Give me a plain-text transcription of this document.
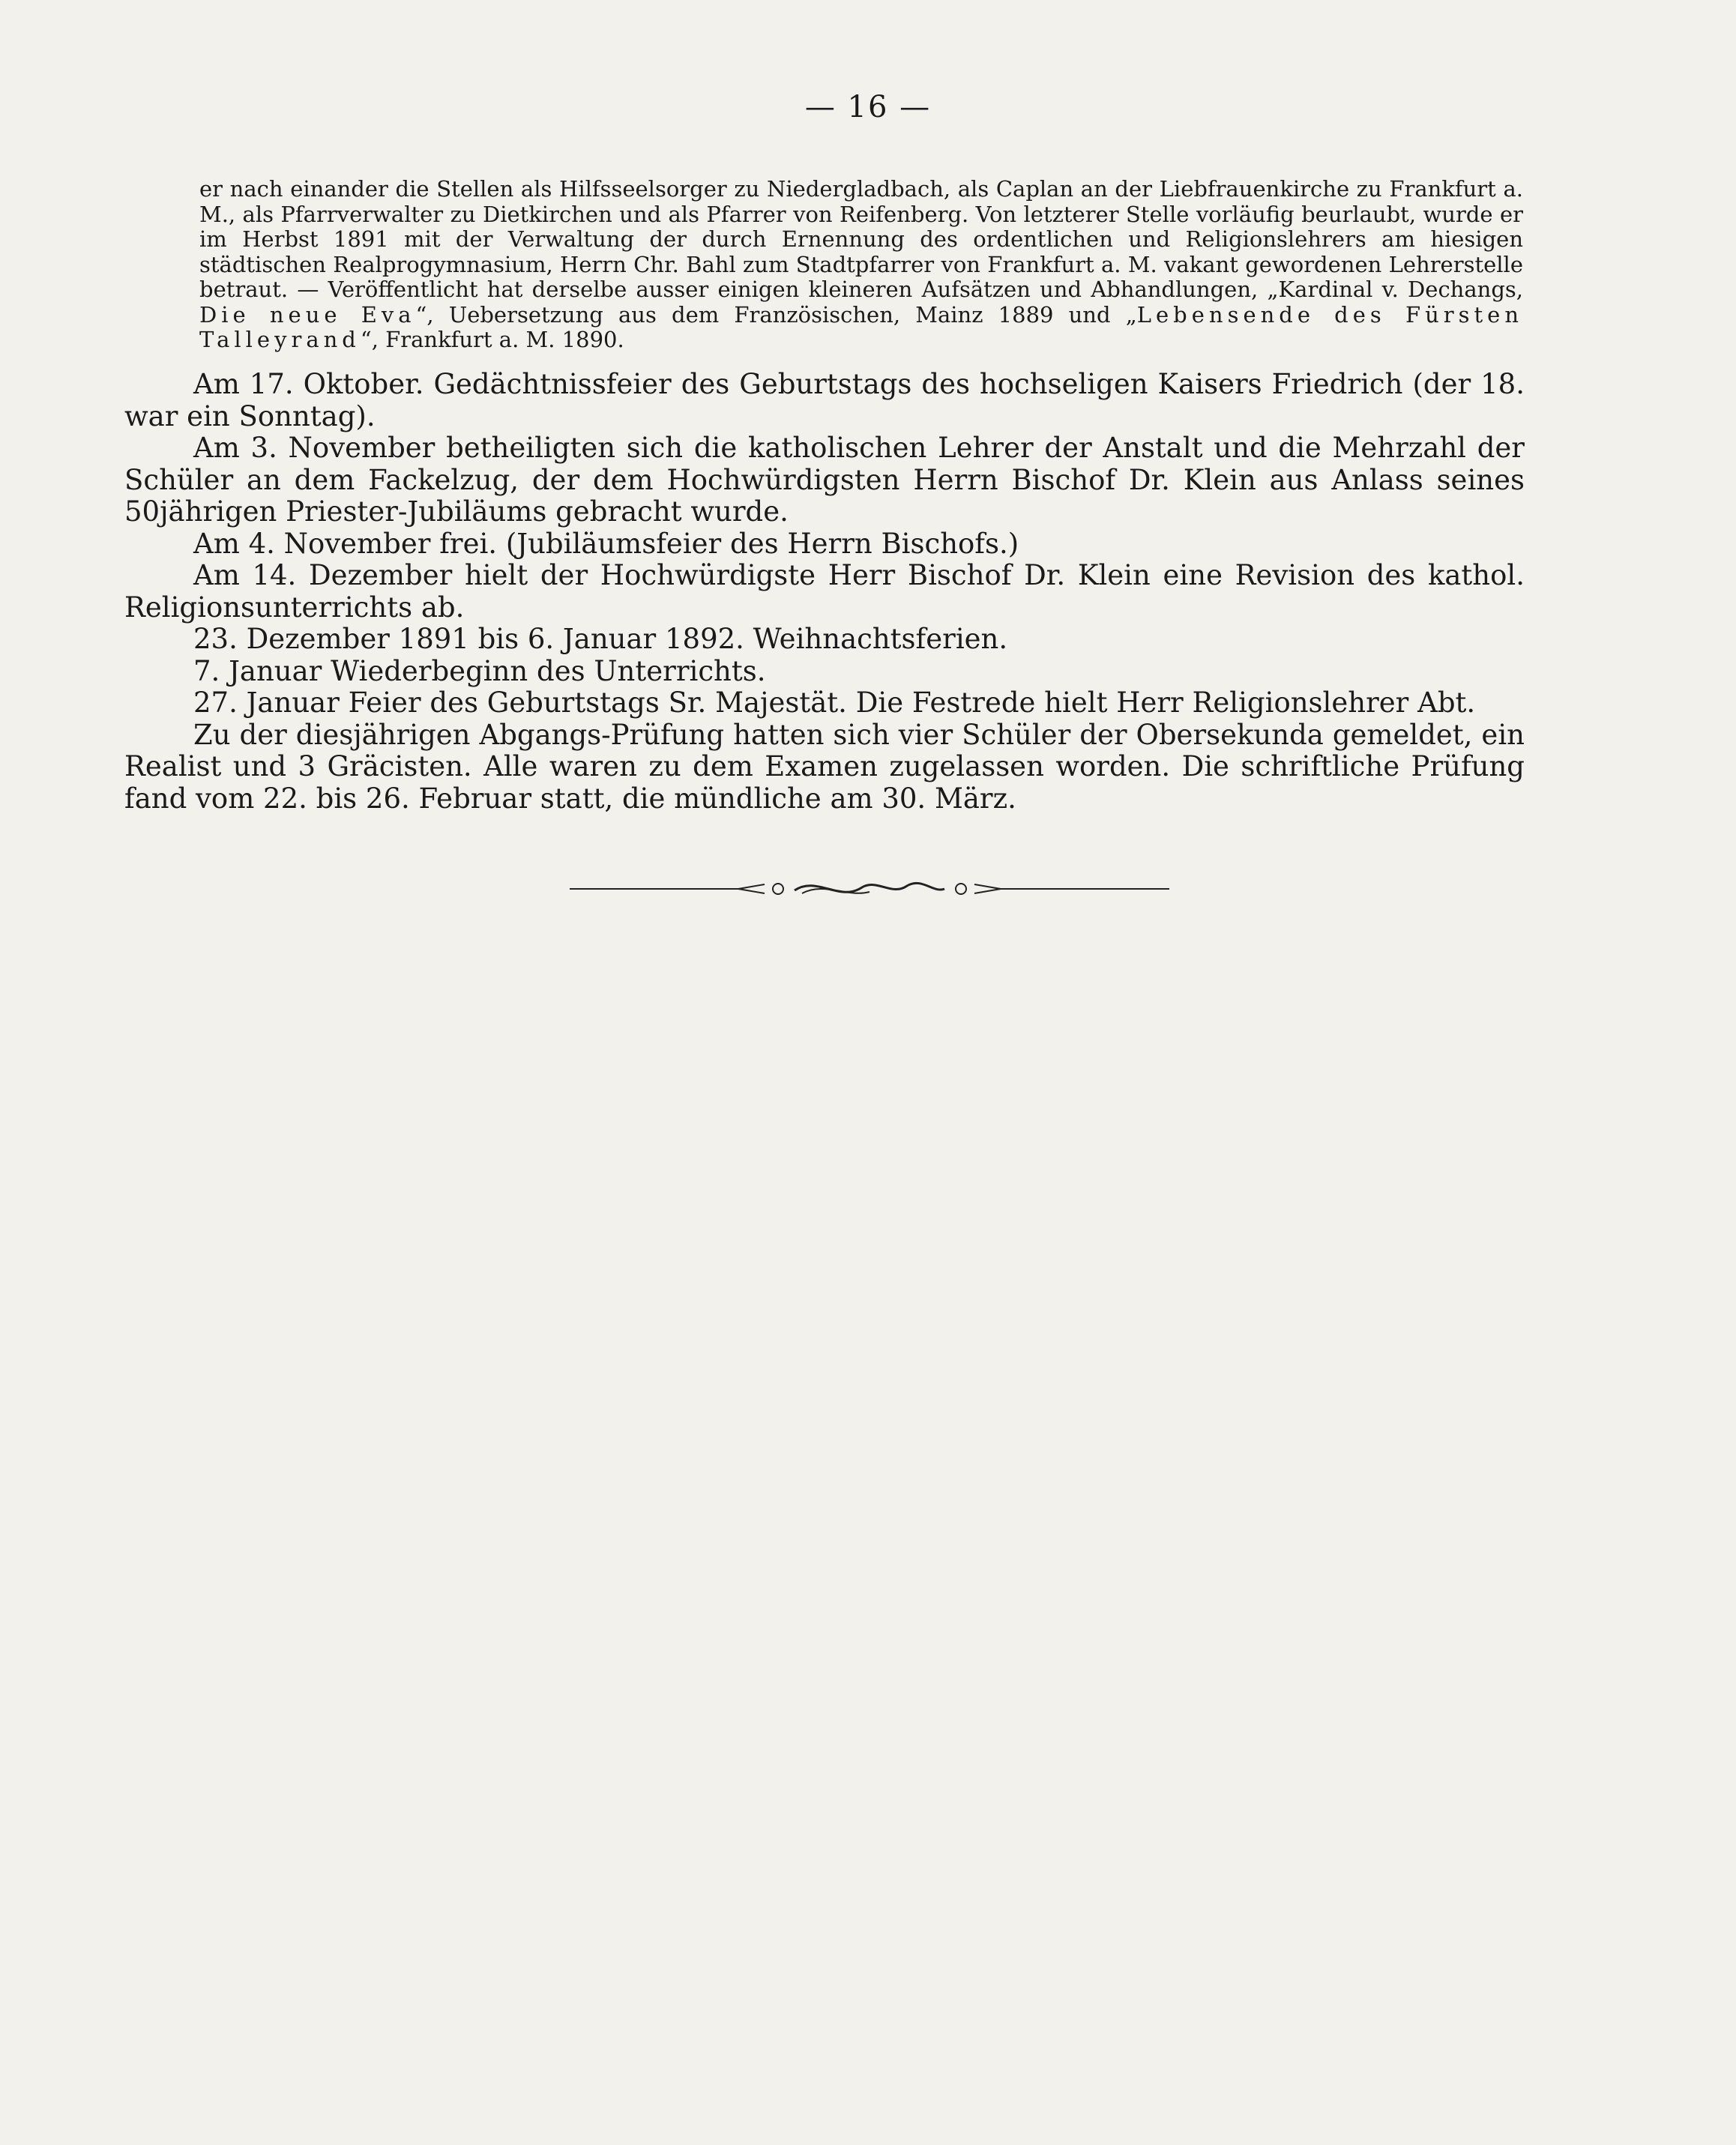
— 16 —

er nach einander die Stellen als Hilfsseelsorger zu Niedergladbach, als Caplan an der Liebfrauenkirche zu Frankfurt a. M., als Pfarrverwalter zu Dietkirchen und als Pfarrer von Reifenberg. Von letzterer Stelle vorläufig beurlaubt, wurde er im Herbst 1891 mit der Verwaltung der durch Ernennung des ordentlichen und Religionslehrers am hiesigen städtischen Realprogymnasium, Herrn Chr. Bahl zum Stadtpfarrer von Frankfurt a. M. vakant gewordenen Lehrerstelle betraut. — Veröffentlicht hat derselbe ausser einigen kleineren Aufsätzen und Abhandlungen, „Kardinal v. Dechangs, Die neue Eva“, Uebersetzung aus dem Französischen, Mainz 1889 und „Lebensende des Fürsten Talleyrand“, Frankfurt a. M. 1890.

Am 17. Oktober. Gedächtnissfeier des Geburtstags des hochseligen Kaisers Friedrich (der 18. war ein Sonntag).

Am 3. November betheiligten sich die katholischen Lehrer der Anstalt und die Mehrzahl der Schüler an dem Fackelzug, der dem Hochwürdigsten Herrn Bischof Dr. Klein aus Anlass seines 50jährigen Priester-Jubiläums gebracht wurde.

Am 4. November frei. (Jubiläumsfeier des Herrn Bischofs.)

Am 14. Dezember hielt der Hochwürdigste Herr Bischof Dr. Klein eine Revision des kathol. Religionsunterrichts ab.

23. Dezember 1891 bis 6. Januar 1892. Weihnachtsferien.

7. Januar Wiederbeginn des Unterrichts.

27. Januar Feier des Geburtstags Sr. Majestät. Die Festrede hielt Herr Religionslehrer Abt.

Zu der diesjährigen Abgangs-Prüfung hatten sich vier Schüler der Obersekunda gemeldet, ein Realist und 3 Gräcisten. Alle waren zu dem Examen zugelassen worden. Die schriftliche Prüfung fand vom 22. bis 26. Februar statt, die mündliche am 30. März.
